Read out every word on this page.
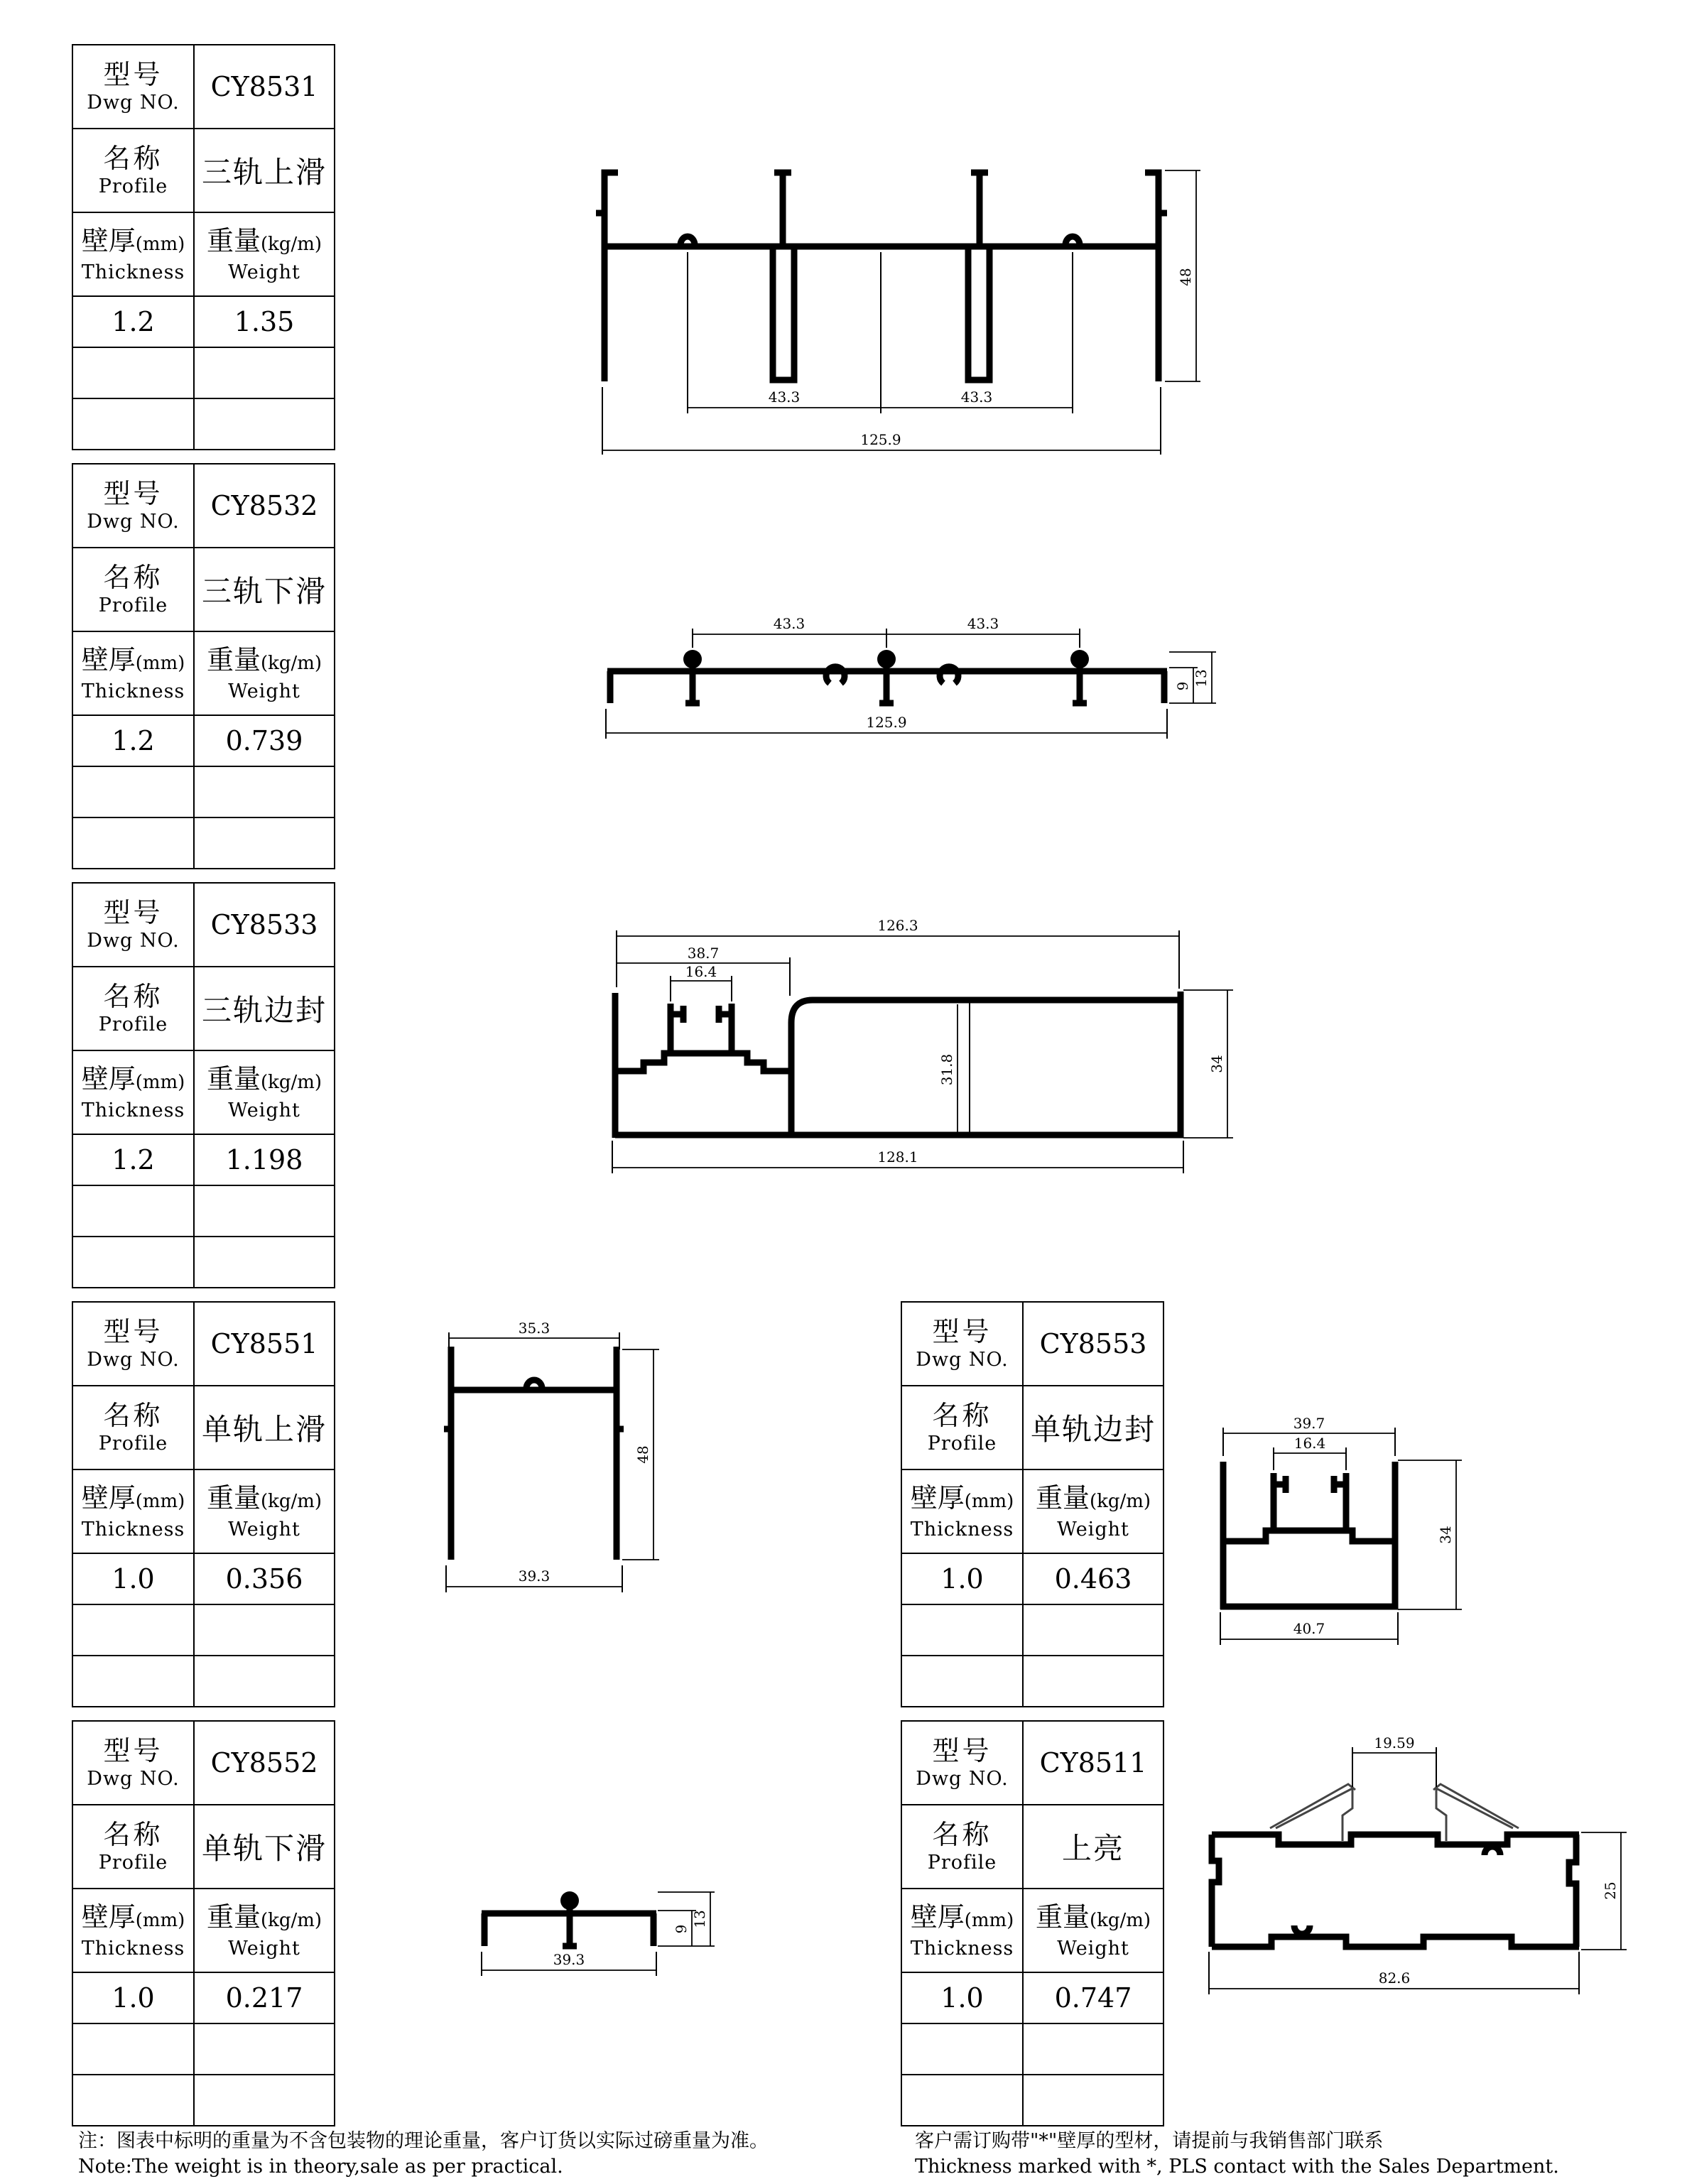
型号
Dwg NO.	CY8531

名称
Profile	三轨上滑
壁厚(mm)
Thickness	重量(kg/m)
Weight

1.2	1.35

型号
Dwg NO.	CY8532

名称
Profile	三轨下滑
壁厚(mm)
Thickness	重量(kg/m)
Weight

1.2	0.739

型号
Dwg NO.	CY8533

名称
Profile	三轨边封
壁厚(mm)
Thickness	重量(kg/m)
Weight

1.2	1.198

型号
Dwg NO.	CY8551

名称
Profile	单轨上滑
壁厚(mm)
Thickness	重量(kg/m)
Weight

1.0	0.356

型号
Dwg NO.	CY8552

名称
Profile	单轨下滑
壁厚(mm)
Thickness	重量(kg/m)
Weight

1.0	0.217

型号
Dwg NO.	CY8553

名称
Profile	单轨边封
壁厚(mm)
Thickness	重量(kg/m)
Weight

1.0	0.463

型号
Dwg NO.	CY8511

名称
Profile	上亮
壁厚(mm)
Thickness	重量(kg/m)
Weight

1.0	0.747

43.3	43.3
125.9
48
43.3	43.3
125.9
9 13
126.3
38.7
16.4
31.8	34
128.1
35.3
48
39.3
39.7
16.4
34
40.7
39.3
9
13
19.59
25
82.6
注：图表中标明的重量为不含包装物的理论重量，客户订货以实际过磅重量为准。
Note:The weight is in theory,sale as per practical.
客户需订购带"*"壁厚的型材，请提前与我销售部门联系
Thickness marked with *, PLS contact with the Sales Department.
